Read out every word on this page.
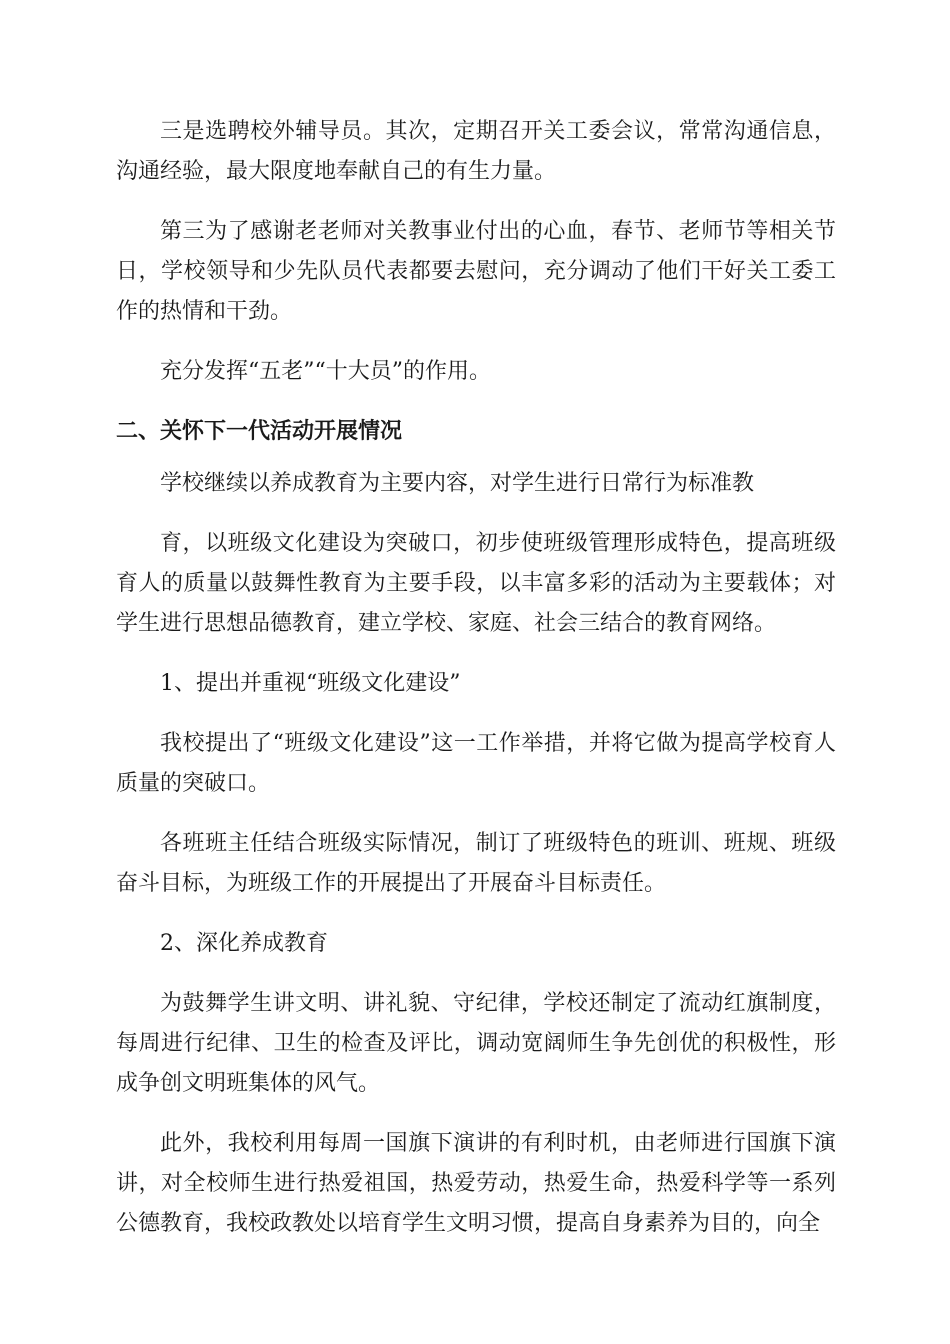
三是选聘校外辅导员。其次，定期召开关工委会议，常常沟通信息，沟通经验，最大限度地奉献自己的有生力量。

第三为了感谢老老师对关教事业付出的心血，春节、老师节等相关节日，学校领导和少先队员代表都要去慰问，充分调动了他们干好关工委工作的热情和干劲。

充分发挥“五老”“十大员”的作用。

二、关怀下一代活动开展情况

学校继续以养成教育为主要内容，对学生进行日常行为标准教

育，以班级文化建设为突破口，初步使班级管理形成特色，提高班级育人的质量以鼓舞性教育为主要手段，以丰富多彩的活动为主要载体；对学生进行思想品德教育，建立学校、家庭、社会三结合的教育网络。

1、提出并重视“班级文化建设”

我校提出了“班级文化建设”这一工作举措，并将它做为提高学校育人质量的突破口。

各班班主任结合班级实际情况，制订了班级特色的班训、班规、班级奋斗目标，为班级工作的开展提出了开展奋斗目标责任。

2、深化养成教育

为鼓舞学生讲文明、讲礼貌、守纪律，学校还制定了流动红旗制度，每周进行纪律、卫生的检查及评比，调动宽阔师生争先创优的积极性，形成争创文明班集体的风气。

此外，我校利用每周一国旗下演讲的有利时机，由老师进行国旗下演讲，对全校师生进行热爱祖国，热爱劳动，热爱生命，热爱科学等一系列公德教育，我校政教处以培育学生文明习惯，提高自身素养为目的，向全
